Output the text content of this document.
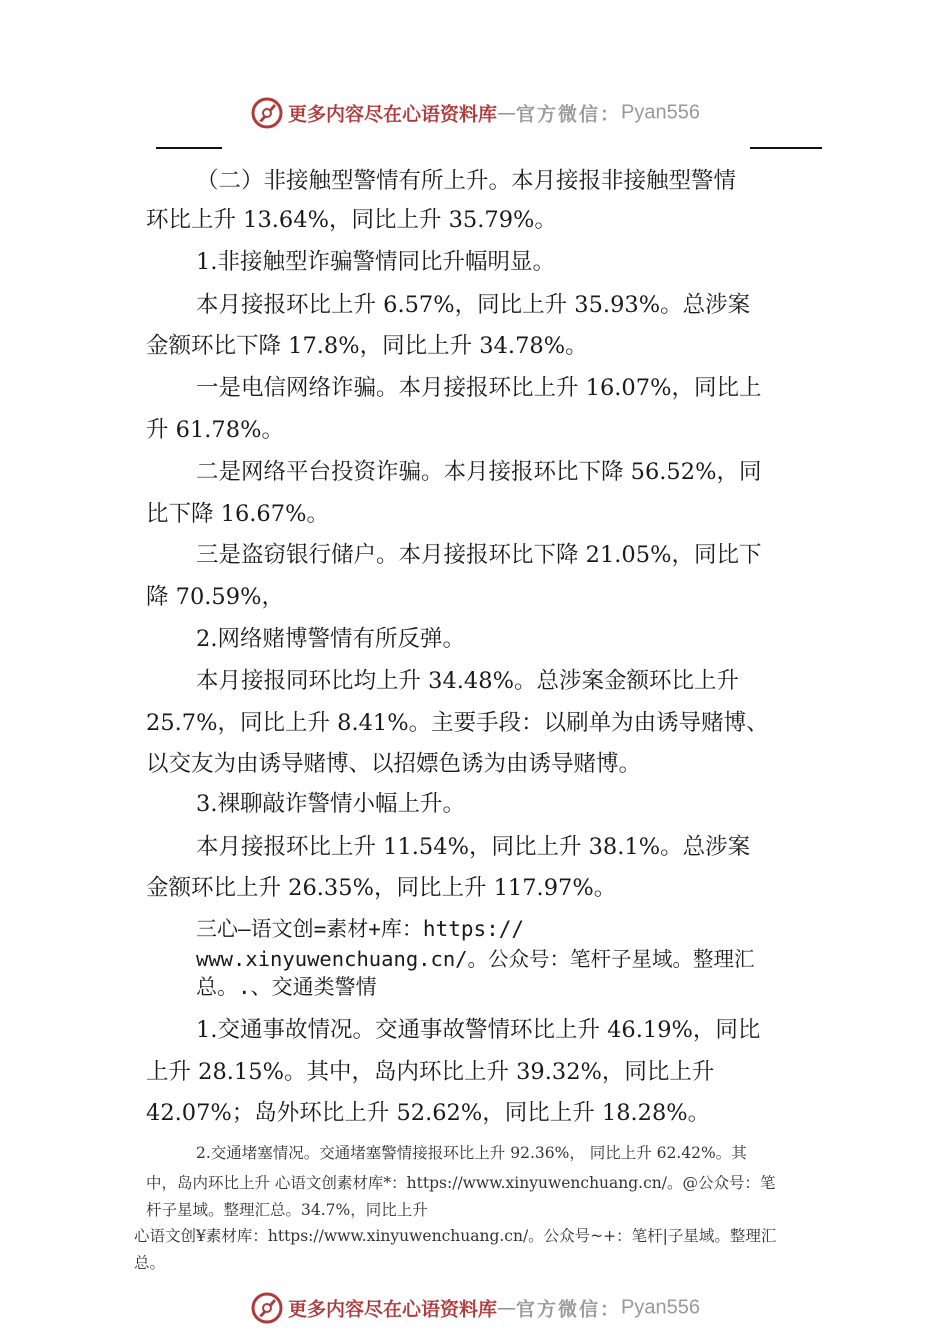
更多内容尽在心语资料库—官方微信：Pyan556

（二）非接触型警情有所上升。本月接报非接触型警情

环比上升 13.64%，同比上升 35.79%。

1.非接触型诈骗警情同比升幅明显。

本月接报环比上升 6.57%，同比上升 35.93%。总涉案

金额环比下降 17.8%，同比上升 34.78%。

一是电信网络诈骗。本月接报环比上升 16.07%，同比上

升 61.78%。

二是网络平台投资诈骗。本月接报环比下降 56.52%，同

比下降 16.67%。

三是盗窃银行储户。本月接报环比下降 21.05%，同比下

降 70.59%，

2.网络赌博警情有所反弹。

本月接报同环比均上升 34.48%。总涉案金额环比上升

25.7%，同比上升 8.41%。主要手段：以刷单为由诱导赌博、

以交友为由诱导赌博、以招嫖色诱为由诱导赌博。

3.裸聊敲诈警情小幅上升。

本月接报环比上升 11.54%，同比上升 38.1%。总涉案

金额环比上升 26.35%，同比上升 117.97%。

三心—语文创=素材+库：https://

www.xinyuwenchuang.cn/。公众号：笔杆子星域。整理汇

总。.、交通类警情

1.交通事故情况。交通事故警情环比上升 46.19%，同比

上升 28.15%。其中，岛内环比上升 39.32%，同比上升

42.07%；岛外环比上升 52.62%，同比上升 18.28%。

2.交通堵塞情况。交通堵塞警情接报环比上升 92.36%， 同比上升 62.42%。其

中，岛内环比上升 心语文创素材库*：https://www.xinyuwenchuang.cn/。@公众号：笔

杆子星域。整理汇总。34.7%，同比上升

心语文创¥素材库：https://www.xinyuwenchuang.cn/。公众号~+：笔杆|子星域。整理汇

总。

更多内容尽在心语资料库—官方微信：Pyan556
